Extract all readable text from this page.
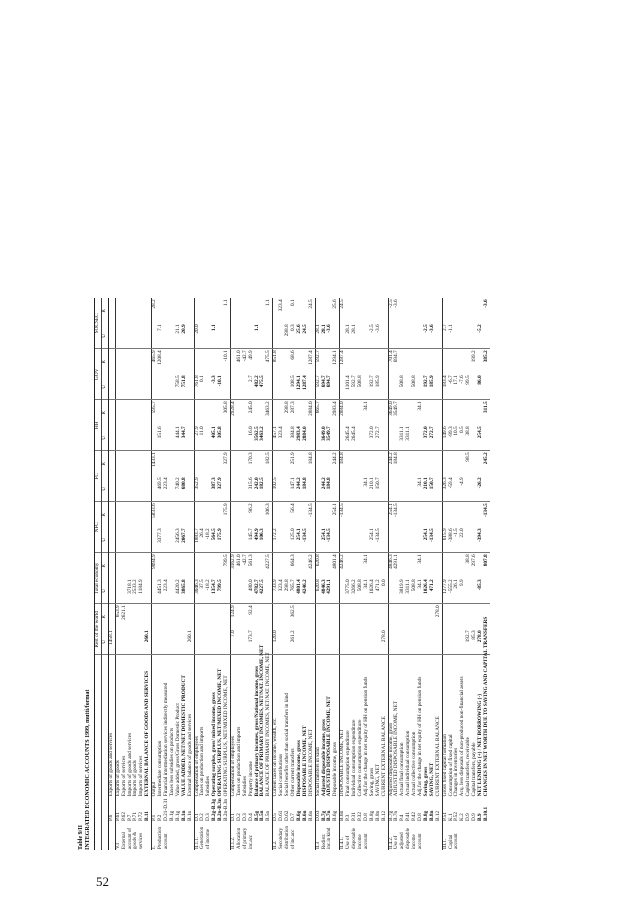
52
Table 9/II INTEGRATED ECONOMIC ACCOUNTS 1999, mutti/format
			Rest of the world		Total economy		NFC		FC		HH		GOV		SOCSEC	
			U	R	U	R	U	R	U	R	U	R	U	R	U	R
	P.6	Exports of goods and services	1458.1													
V.I	P.61	Exports of goods		653.9												
External	P.62	Exports of services		2621.1												
account of	P.7	Imports of goods and services			3718.1											
goods &	P.71	Imports of goods			2533.2											
services	P.72	Imports of services			1184.9											
	B.11	EXTERNAL BALANCE OF GOODS AND SERVICES	260.1													
I.	P.1	Output				9094.9		5833.6		1433.1		595.7		465.9		28.2
Production	P.2	Intermediate consumption			4451.3		3377.3		469.5		151.6			1208.4	7.1	
account	D.21-D.31	Financial intermediation services indirectly measured			223.4				223.4							
	B.1g	Taxes less subsidies on products														
	B.1g	Value added, gross/Gross Domestic Product			4420.2		2456.3		740.2		444.1		758.5		21.1	
	B.1n	VALUE ADDED, NET/NET DOMESTIC PRODUCT			3865.8		2067.7		680.8		344.7		751.8		20.9	
	B.1n	External balance of goods and services	260.1													
II.1.1.	D.1	Compensation of employees			3046.3		1883.7		352.9		27.9		761.8		20.0	
Generation	D.2	Taxes on production and imports			37.5		26.4				11.0		0.1			
of income	D.3	Subsidies			-18.2		-18.2									
	B.2g-B.3g	Operating surplus, gross/ mixed income, gross			1354.7		564.5		387.3		405.1		-3.3		1.1	
	B.2n-B.3n	OPERATING SURPLUS, NET/MIXED INCOME, NET			799.5		175.9		327.9		305.8		-10.1			
	B.2n-B.3n	OPERATING SURPLUS, NET/MIXED INCOME, NET				799.5		175.9		327.9		305.8		-10.1		1.1
II.1.2.	D.1	Compensation of employees	7.0	124.9		3162.9						2928.4				
Allocation	D.2	Taxes on production and imports				461.0								461.0		
of primary	D.3	Subsidies				-42.7								-42.7		
inc.acc	D.4	Property income	173.7	92.4	480.0	561.3	145.7	96.2	315.6	170.3	16.0	245.0	2.7	49.9		
	B.5g	Balance of primary incomes, gross/National income, gross			4782.7		494.9		242.0		3562.5		482.2		1.1	
	B.5n	BALANCE OF PRIMARY INCOMES, NET/NAT. INCOME, NET			4227.5		106.3		182.5		3463.2		475.5			
	B.5n	BALANCE OF PRIMARY INCOMES, NET/NAT. INCOME, NET				4227.5		106.3		182.5		3463.2		475.5		1.1
II.2.	D.5	Current taxes on income, wealth, etc.	120.0		733.9		172.2		102.5		457.1			851.8		
Secondary	D.61	Social contributions			323.4						323.4					323.4
distribution	D.62	Social benefits other than social transfers in kind			298.8							298.8			298.8	
of inc.acc	D.7	Other current transfers	261.2	362.5	765.7	664.3	125.0	56.4	147.1	251.9	384.8	287.3	108.5	68.6	0.3	0.1
	B.6g	Disposable income, gross			4801.4		254.1		244.2		2983.4		1294.1		25.6	
	B.6n	DISPOSABLE INCOME, NET			4246.2		-134.5		184.8		2884.0		1287.4		24.5	
	B.6n	DISPOSABLE INCOME, NET				4246.2		-134.5		184.8		2884.0		1287.4		24.5
II.3	D.63	Social transfers in kind			620.8	620.8						665.7	592.7	592.7	28.1	
Redistr.	B.7g	Adjusted disposable income, gross			4846.3		254.1		244.2		3649.0		694.7		28.1	
inc.in kind	B.7n	ADJUSTED DISPOSABLE INCOME, NET			4291.1		-134.5		184.8		3549.7		694.7		-3.6	
	B.6g	Disposable income, gross				4801.4		254.1		244.2		2983.4		1294.1		25.6
II.4.1.	B.6n	DISPOSABLE INCOME, NET				4246.2		-134.5		184.8		2884.0		1287.4		24.5
Use of	P.3	Final consumption expenditure			3775.0						2645.4		1101.4		28.1	
disposable	P.31	Individual consumption expenditure			3266.2						2645.4		592.7		28.1	
income	P.32	Collective consumption expenditure			508.8								508.8			
account	D.8	Adj.for the change in net equity of HH on pension funds			34.1	34.1			34.1			34.1				
	B.8g	Saving, gross			1026.4		254.1		210.1		372.0		192.7		-2.5	
	B.8n	SAVING, NET			471.2		-134.5		150.7		272.7		185.9		-3.6	
	B.12	CURRENT EXTERNAL BALANCE	278.0		0.0											
II.4.2.	B.7g	Adjusted disposable income, gross				4846.3		254.1		244.2		3649.0		701.4		-2.5
Use of	B.7n	ADJUSTED DISPOSABLE INCOME, NET				4291.1		-134.5		184.8		3549.7		694.7		-3.6
adjusted	P.4	Actual final consumption			3819.9						3311.1		508.8			
disposable	P.41	Actual individual consumption			3311.1						3311.1					
income	P.42	Actual collective consumption			508.8								508.8			
account	D.8	Adj.for the change in net equity of HH on pension funds			34.1	34.1			34.1			34.1				
	B.8g	Saving, gross			1026.4		254.1		210.1		372.0		192.7		-2.5	
	B.8n	SAVING, NET			471.2		-134.5		150.7		272.7		185.9		-3.6	
	B.12	CURRENT EXTERNAL BALANCE		278.0												
III.1.	P.51	Gross fixed capital formation			1277.9		615.9		326.3		149.6		183.4		2.7	
Capital	K.1	Consumption of fixed capital			-555.2		-388.6		-59.4		-99.3		-6.7		-1.1	
account	P.52	Changes in inventories			26.1		-1.5				10.5		17.1			
	K.2	Acq. less disposals of non-produced non-financial assets			9.9		22.0		-4.9		0.5		-7.6			
	D.9	Capital transfers, receivable	192.7			38.8				98.5	38.8		99.5			
	D.9	Capital transfers, payable	85.3			297.6								199.2		
	B.9	NET LENDING (+) / NET BORROWING (-)	278.0		-85.3		-394.3		-26.2		254.5		86.0		-5.2	
	B.10.1	CHANGES IN NET WORTH DUE TO SAVING AND CAPITAL TRANSFERS				807.8		-134.5		245.2		311.5		385.2		-3.6
